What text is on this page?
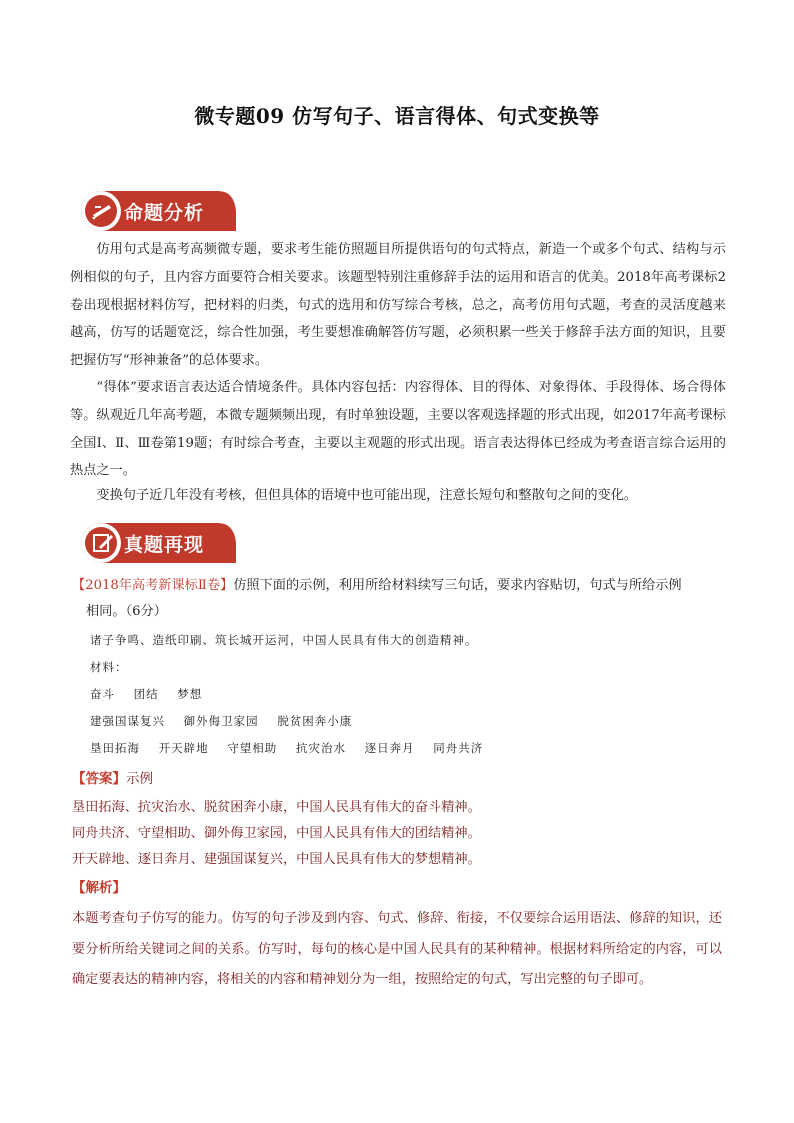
微专题09 仿写句子、语言得体、句式变换等
命题分析

仿用句式是高考高频微专题，要求考生能仿照题目所提供语句的句式特点，新造一个或多个句式、结构与示例相似的句子，且内容方面要符合相关要求。该题型特别注重修辞手法的运用和语言的优美。2018年高考课标2卷出现根据材料仿写，把材料的归类，句式的选用和仿写综合考核，总之，高考仿用句式题，考查的灵活度越来越高，仿写的话题宽泛，综合性加强，考生要想准确解答仿写题，必须积累一些关于修辞手法方面的知识，且要把握仿写“形神兼备”的总体要求。

“得体”要求语言表达适合情境条件。具体内容包括：内容得体、目的得体、对象得体、手段得体、场合得体等。纵观近几年高考题，本微专题频频出现，有时单独设题，主要以客观选择题的形式出现，如2017年高考课标全国Ⅰ、Ⅱ、Ⅲ卷第19题；有时综合考查，主要以主观题的形式出现。语言表达得体已经成为考查语言综合运用的热点之一。

变换句子近几年没有考核，但但具体的语境中也可能出现，注意长短句和整散句之间的变化。

真题再现

【2018年高考新课标Ⅱ卷】仿照下面的示例，利用所给材料续写三句话，要求内容贴切，句式与所给示例

相同。（6分）

诸子争鸣、造纸印刷、筑长城开运河，中国人民具有伟大的创造精神。

材料：

奋斗 团结 梦想

建强国谋复兴 御外侮卫家园 脱贫困奔小康

垦田拓海 开天辟地 守望相助 抗灾治水 逐日奔月 同舟共济

【答案】示例

垦田拓海、抗灾治水、脱贫困奔小康，中国人民具有伟大的奋斗精神。

同舟共济、守望相助、御外侮卫家园，中国人民具有伟大的团结精神。

开天辟地、逐日奔月、建强国谋复兴，中国人民具有伟大的梦想精神。

【解析】

本题考查句子仿写的能力。仿写的句子涉及到内容、句式、修辞、衔接，不仅要综合运用语法、修辞的知识，还要分析所给关键词之间的关系。仿写时，每句的核心是中国人民具有的某种精神。根据材料所给定的内容，可以确定要表达的精神内容，将相关的内容和精神划分为一组，按照给定的句式，写出完整的句子即可。
